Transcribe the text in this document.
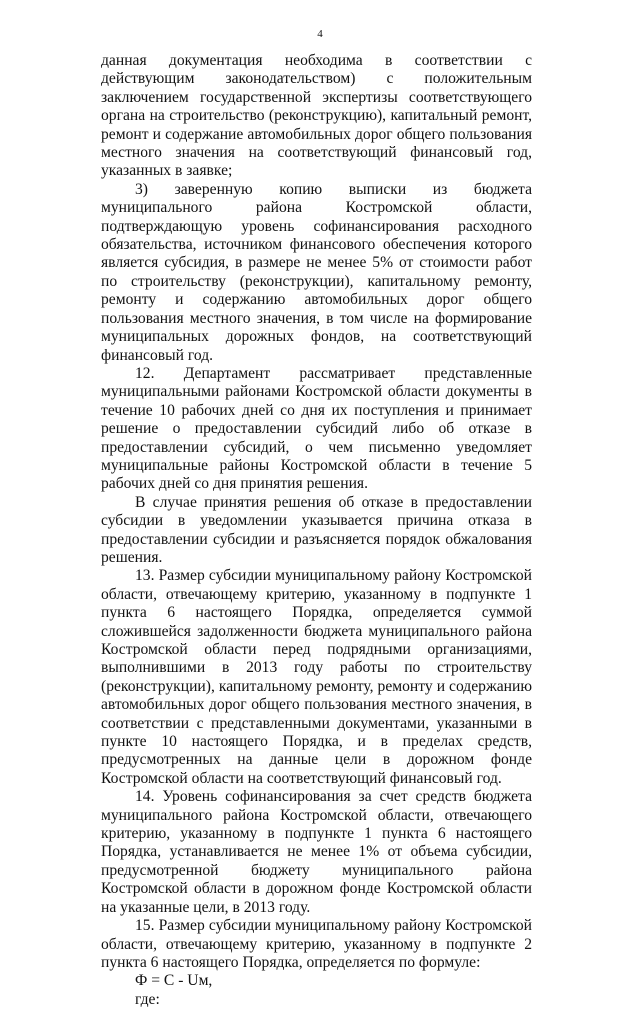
4

данная документация необходима в соответствии с действующим законодательством) с положительным заключением государственной экспертизы соответствующего органа на строительство (реконструкцию), капитальный ремонт, ремонт и содержание автомобильных дорог общего пользования местного значения на соответствующий финансовый год, указанных в заявке;

3) заверенную копию выписки из бюджета муниципального района Костромской области, подтверждающую уровень софинансирования расходного обязательства, источником финансового обеспечения которого является субсидия, в размере не менее 5% от стоимости работ по строительству (реконструкции), капитальному ремонту, ремонту и содержанию автомобильных дорог общего пользования местного значения, в том числе на формирование муниципальных дорожных фондов, на соответствующий финансовый год.

12. Департамент рассматривает представленные муниципальными районами Костромской области документы в течение 10 рабочих дней со дня их поступления и принимает решение о предоставлении субсидий либо об отказе в предоставлении субсидий, о чем письменно уведомляет муниципальные районы Костромской области в течение 5 рабочих дней со дня принятия решения.

В случае принятия решения об отказе в предоставлении субсидии в уведомлении указывается причина отказа в предоставлении субсидии и разъясняется порядок обжалования решения.

13. Размер субсидии муниципальному району Костромской области, отвечающему критерию, указанному в подпункте 1 пункта 6 настоящего Порядка, определяется суммой сложившейся задолженности бюджета муниципального района Костромской области перед подрядными организациями, выполнившими в 2013 году работы по строительству (реконструкции), капитальному ремонту, ремонту и содержанию автомобильных дорог общего пользования местного значения, в соответствии с представленными документами, указанными в пункте 10 настоящего Порядка, и в пределах средств, предусмотренных на данные цели в дорожном фонде Костромской области на соответствующий финансовый год.

14. Уровень софинансирования за счет средств бюджета муниципального района Костромской области, отвечающего критерию, указанному в подпункте 1 пункта 6 настоящего Порядка, устанавливается не менее 1% от объема субсидии, предусмотренной бюджету муниципального района Костромской области в дорожном фонде Костромской области на указанные цели, в 2013 году.

15. Размер субсидии муниципальному району Костромской области, отвечающему критерию, указанному в подпункте 2 пункта 6 настоящего Порядка, определяется по формуле:

Ф = С - Uм,

где:
